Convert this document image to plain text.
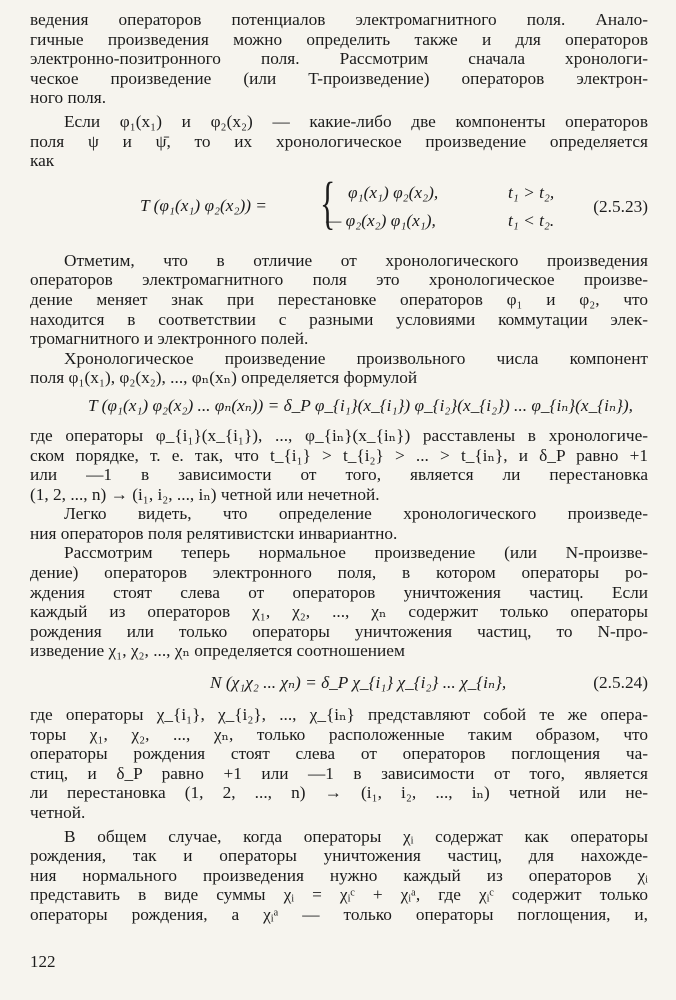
ведения операторов потенциалов электромагнитного поля. Анало-

гичные произведения можно определить также и для операторов

электронно-позитронного поля. Рассмотрим сначала хронологи-

ческое произведение (или T-произведение) операторов электрон-

ного поля.

Если φ₁(x₁) и φ₂(x₂) — какие-либо две компоненты операторов

поля ψ и ψ̄, то их хронологическое произведение определяется

как

T (φ₁(x₁) φ₂(x₂)) = { φ₁(x₁) φ₂(x₂),
— φ₂(x₂) φ₁(x₁),
t₁ > t₂,
t₁ < t₂.
(2.5.23)

Отметим, что в отличие от хронологического произведения

операторов электромагнитного поля это хронологическое произве-

дение меняет знак при перестановке операторов φ₁ и φ₂, что

находится в соответствии с разными условиями коммутации элек-

тромагнитного и электронного полей.

Хронологическое произведение произвольного числа компонент

поля φ₁(x₁), φ₂(x₂), ..., φₙ(xₙ) определяется формулой

T (φ₁(x₁) φ₂(x₂) ... φₙ(xₙ)) = δ_P φ_{i₁}(x_{i₁}) φ_{i₂}(x_{i₂}) ... φ_{iₙ}(x_{iₙ}),

где операторы φ_{i₁}(x_{i₁}), ..., φ_{iₙ}(x_{iₙ}) расставлены в хронологиче-

ском порядке, т. е. так, что t_{i₁} > t_{i₂} > ... > t_{iₙ}, и δ_P равно +1

или —1 в зависимости от того, является ли перестановка

(1, 2, ..., n) → (i₁, i₂, ..., iₙ) четной или нечетной.

Легко видеть, что определение хронологического произведе-

ния операторов поля релятивистски инвариантно.

Рассмотрим теперь нормальное произведение (или N-произве-

дение) операторов электронного поля, в котором операторы ро-

ждения стоят слева от операторов уничтожения частиц. Если

каждый из операторов χ₁, χ₂, ..., χₙ содержит только операторы

рождения или только операторы уничтожения частиц, то N-про-

изведение χ₁, χ₂, ..., χₙ определяется соотношением

N (χ₁χ₂ ... χₙ) = δ_P χ_{i₁} χ_{i₂} ... χ_{iₙ},	(2.5.24)

где операторы χ_{i₁}, χ_{i₂}, ..., χ_{iₙ} представляют собой те же опера-

торы χ₁, χ₂, ..., χₙ, только расположенные таким образом, что

операторы рождения стоят слева от операторов поглощения ча-

стиц, и δ_P равно +1 или —1 в зависимости от того, является

ли перестановка (1, 2, ..., n) → (i₁, i₂, ..., iₙ) четной или не-

четной.

В общем случае, когда операторы χᵢ содержат как операторы

рождения, так и операторы уничтожения частиц, для нахожде-

ния нормального произведения нужно каждый из операторов χᵢ

представить в виде суммы χᵢ = χᵢᶜ + χᵢᵃ, где χᵢᶜ содержит только

операторы рождения, а χᵢᵃ — только операторы поглощения, и,

122
